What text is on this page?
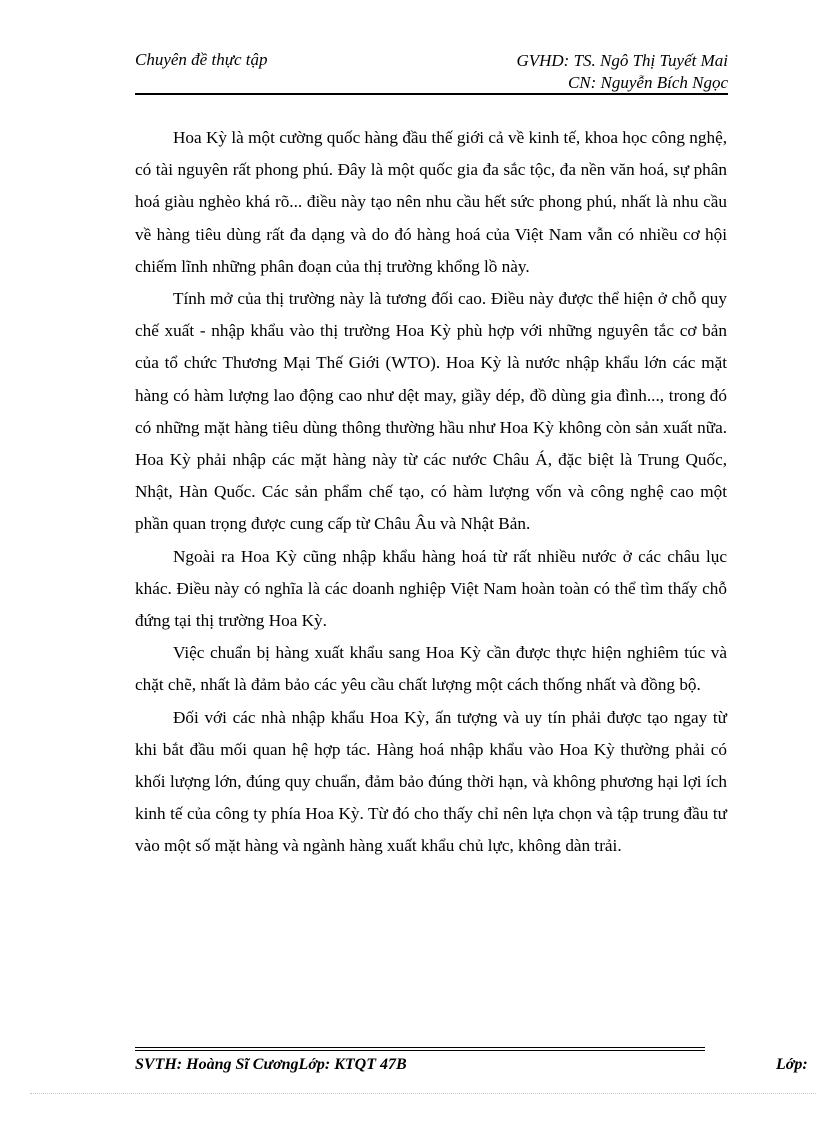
Chuyên đề thực tập	GVHD: TS. Ngô Thị Tuyết Mai
CN: Nguyễn Bích Ngọc

Hoa Kỳ là một cường quốc hàng đầu thế giới cả về kinh tế, khoa học công nghệ, có tài nguyên rất phong phú. Đây là một quốc gia đa sắc tộc, đa nền văn hoá, sự phân hoá giàu nghèo khá rõ... điều này tạo nên nhu cầu hết sức phong phú, nhất là nhu cầu về hàng tiêu dùng rất đa dạng và do đó hàng hoá của Việt Nam vẫn có nhiều cơ hội chiếm lĩnh những phân đoạn của thị trường khổng lồ này.

Tính mở của thị trường này là tương đối cao. Điều này được thể hiện ở chỗ quy chế xuất - nhập khẩu vào thị trường Hoa Kỳ phù hợp với những nguyên tắc cơ bản của tổ chức Thương Mại Thế Giới (WTO). Hoa Kỳ là nước nhập khẩu lớn các mặt hàng có hàm lượng lao động cao như dệt may, giầy dép, đồ dùng gia đình..., trong đó có những mặt hàng tiêu dùng thông thường hầu như Hoa Kỳ không còn sản xuất nữa. Hoa Kỳ phải nhập các mặt hàng này từ các nước Châu Á, đặc biệt là Trung Quốc, Nhật, Hàn Quốc. Các sản phẩm chế tạo, có hàm lượng vốn và công nghệ cao một phần quan trọng được cung cấp từ Châu Âu và Nhật Bản.

Ngoài ra Hoa Kỳ cũng nhập khẩu hàng hoá từ rất nhiều nước ở các châu lục khác. Điều này có nghĩa là các doanh nghiệp Việt Nam hoàn toàn có thể tìm thấy chỗ đứng tại thị trường Hoa Kỳ.

Việc chuẩn bị hàng xuất khẩu sang Hoa Kỳ cần được thực hiện nghiêm túc và chặt chẽ, nhất là đảm bảo các yêu cầu chất lượng một cách thống nhất và đồng bộ.

Đối với các nhà nhập khẩu Hoa Kỳ, ấn tượng và uy tín phải được tạo ngay từ khi bắt đầu mối quan hệ hợp tác. Hàng hoá nhập khẩu vào Hoa Kỳ thường phải có khối lượng lớn, đúng quy chuẩn, đảm bảo đúng thời hạn, và không phương hại lợi ích kinh tế của công ty phía Hoa Kỳ. Từ đó cho thấy chỉ nên lựa chọn và tập trung đầu tư vào một số mặt hàng và ngành hàng xuất khẩu chủ lực, không dàn trải.

SVTH: Hoàng Sĩ CươngLớp: KTQT 47B	Lớp:
